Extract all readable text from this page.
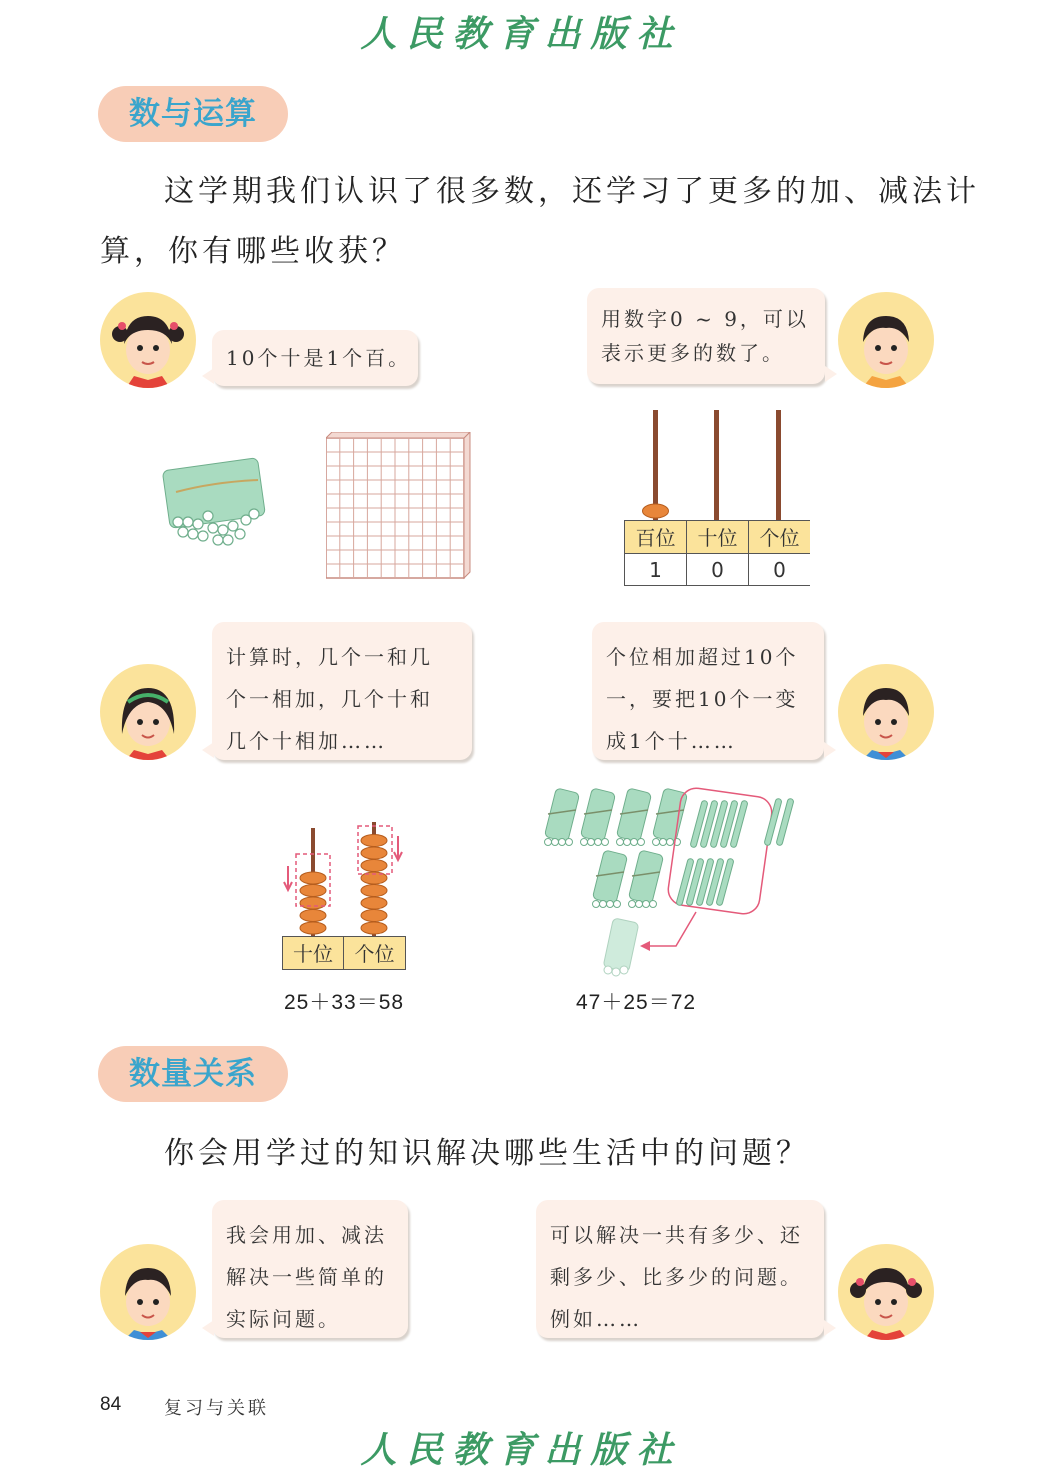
人民教育出版社
数与运算
这学期我们认识了很多数，还学习了更多的加、减法计
算，你有哪些收获？
10个十是1个百。
用数字0 ~ 9，可以
表示更多的数了。
百位	十位	个位
1	0	0
计算时，几个一和几
个一相加，几个十和
几个十相加……
个位相加超过10个
一，要把10个一变
成1个十……
十位	个位
25＋33＝58	47＋25＝72
数量关系
你会用学过的知识解决哪些生活中的问题？
我会用加、减法
解决一些简单的
实际问题。
可以解决一共有多少、还
剩多少、比多少的问题。
例如……
84 复习与关联
人民教育出版社
